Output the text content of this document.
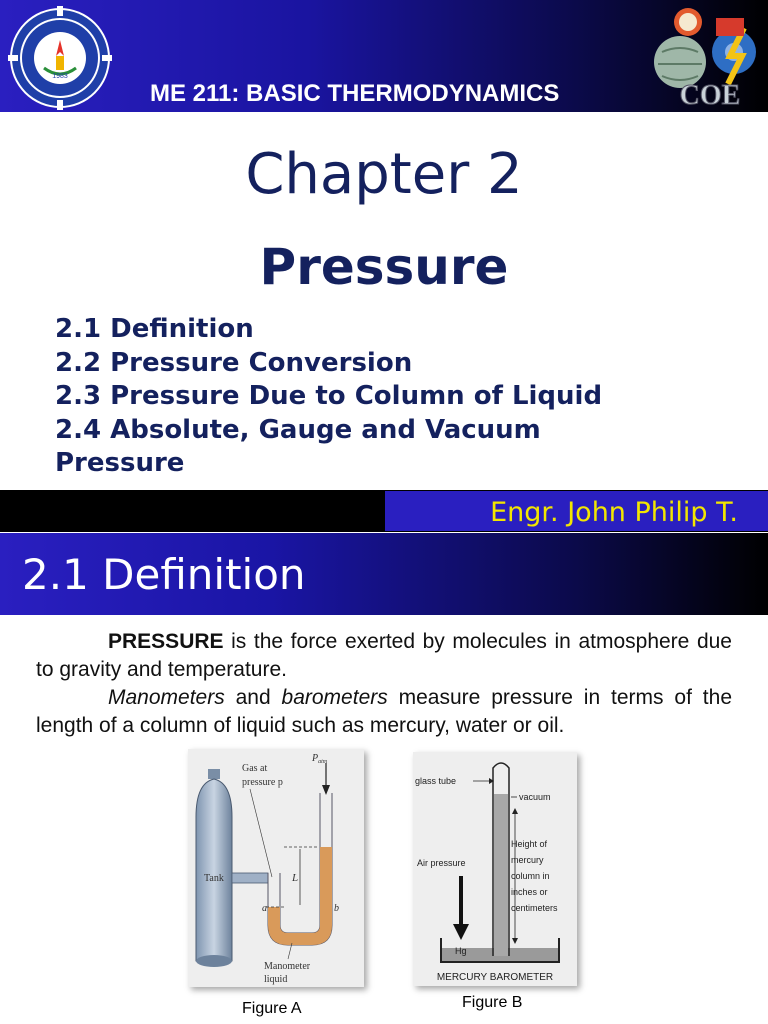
1983
ME 211: BASIC THERMODYNAMICS	COE
Chapter 2
Pressure
2.1 Definition
2.2 Pressure Conversion
2.3 Pressure Due to Column of Liquid
2.4 Absolute, Gauge and Vacuum
Pressure
Engr. John Philip T.
2.1 Definition
PRESSURE is the force exerted by molecules in atmosphere due to gravity and temperature.
Manometers and barometers measure pressure in terms of the length of a column of liquid such as mercury, water or oil.
L
a	b
$P_{atm}$
Gas at
pressure p
Tank
Manometer
liquid
Figure A
glass tube
vacuum
Air pressure
Height of
mercury
column in
inches or
centimeters
Hg
MERCURY BAROMETER
Figure B
